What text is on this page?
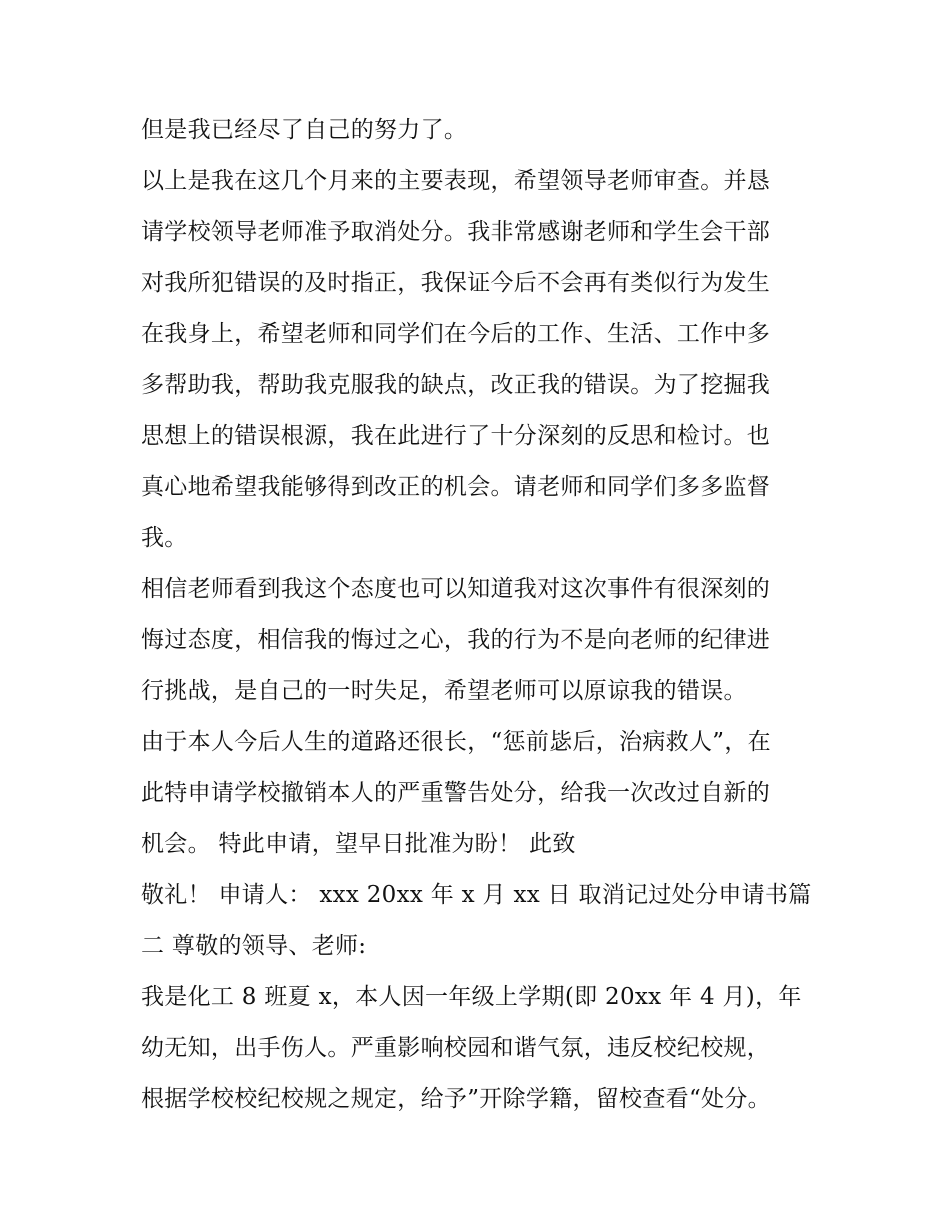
但是我已经尽了自己的努力了。
以上是我在这几个月来的主要表现，希望领导老师审查。并恳
请学校领导老师准予取消处分。我非常感谢老师和学生会干部
对我所犯错误的及时指正，我保证今后不会再有类似行为发生
在我身上，希望老师和同学们在今后的工作、生活、工作中多
多帮助我，帮助我克服我的缺点，改正我的错误。为了挖掘我
思想上的错误根源，我在此进行了十分深刻的反思和检讨。也
真心地希望我能够得到改正的机会。请老师和同学们多多监督
我。
相信老师看到我这个态度也可以知道我对这次事件有很深刻的
悔过态度，相信我的悔过之心，我的行为不是向老师的纪律进
行挑战，是自己的一时失足，希望老师可以原谅我的错误。
由于本人今后人生的道路还很长，“惩前毖后，治病救人”，在
此特申请学校撤销本人的严重警告处分，给我一次改过自新的
机会。 特此申请，望早日批准为盼！ 此致
敬礼！ 申请人： xxx 20xx 年 x 月 xx 日 取消记过处分申请书篇
二 尊敬的领导、老师:
我是化工 8 班夏 x，本人因一年级上学期(即 20xx 年 4 月)，年
幼无知，出手伤人。严重影响校园和谐气氛，违反校纪校规，
根据学校校纪校规之规定，给予”开除学籍，留校查看“处分。
